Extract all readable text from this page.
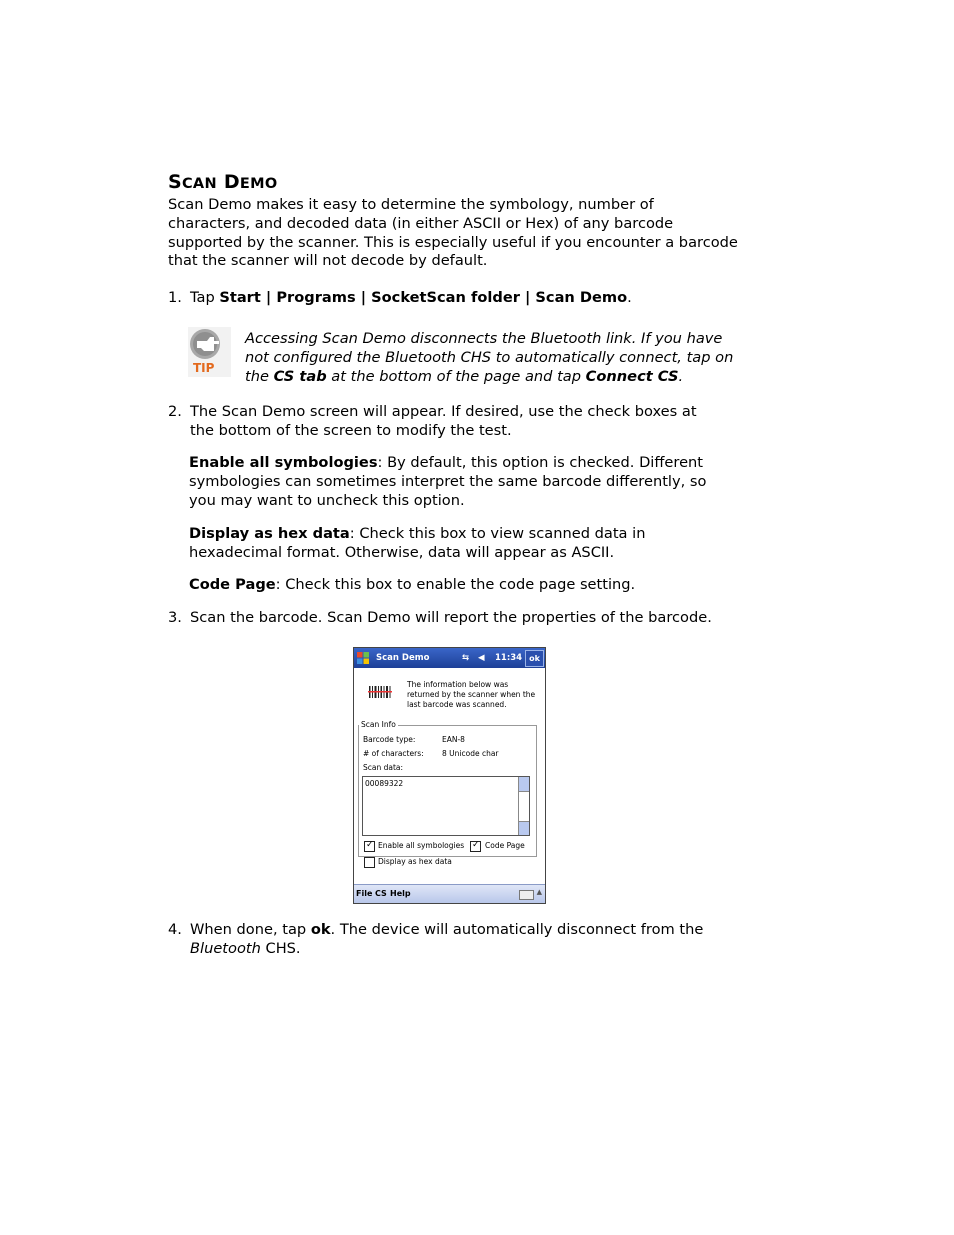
SCAN DEMO
Scan Demo makes it easy to determine the symbology, number of characters, and decoded data (in either ASCII or Hex) of any barcode supported by the scanner. This is especially useful if you encounter a barcode that the scanner will not decode by default.
1. Tap Start | Programs | SocketScan folder | Scan Demo.
TIP
Accessing Scan Demo disconnects the Bluetooth link. If you have not configured the Bluetooth CHS to automatically connect, tap on the CS tab at the bottom of the page and tap Connect CS.
2. The Scan Demo screen will appear. If desired, use the check boxes at the bottom of the screen to modify the test.
Enable all symbologies: By default, this option is checked. Different symbologies can sometimes interpret the same barcode differently, so you may want to uncheck this option.
Display as hex data: Check this box to view scanned data in hexadecimal format. Otherwise, data will appear as ASCII.
Code Page: Check this box to enable the code page setting.
3. Scan the barcode. Scan Demo will report the properties of the barcode.
Scan Demo	⇆ ◀ 11:34 ok
The information below was returned by the scanner when the last barcode was scanned.
Scan Info
Barcode type:	EAN-8
# of characters: 8 Unicode char
Scan data:
00089322
✓ Enable all symbologies ✓ Code Page
Display as hex data
File CS Help	▲
4. When done, tap ok. The device will automatically disconnect from the Bluetooth CHS.
